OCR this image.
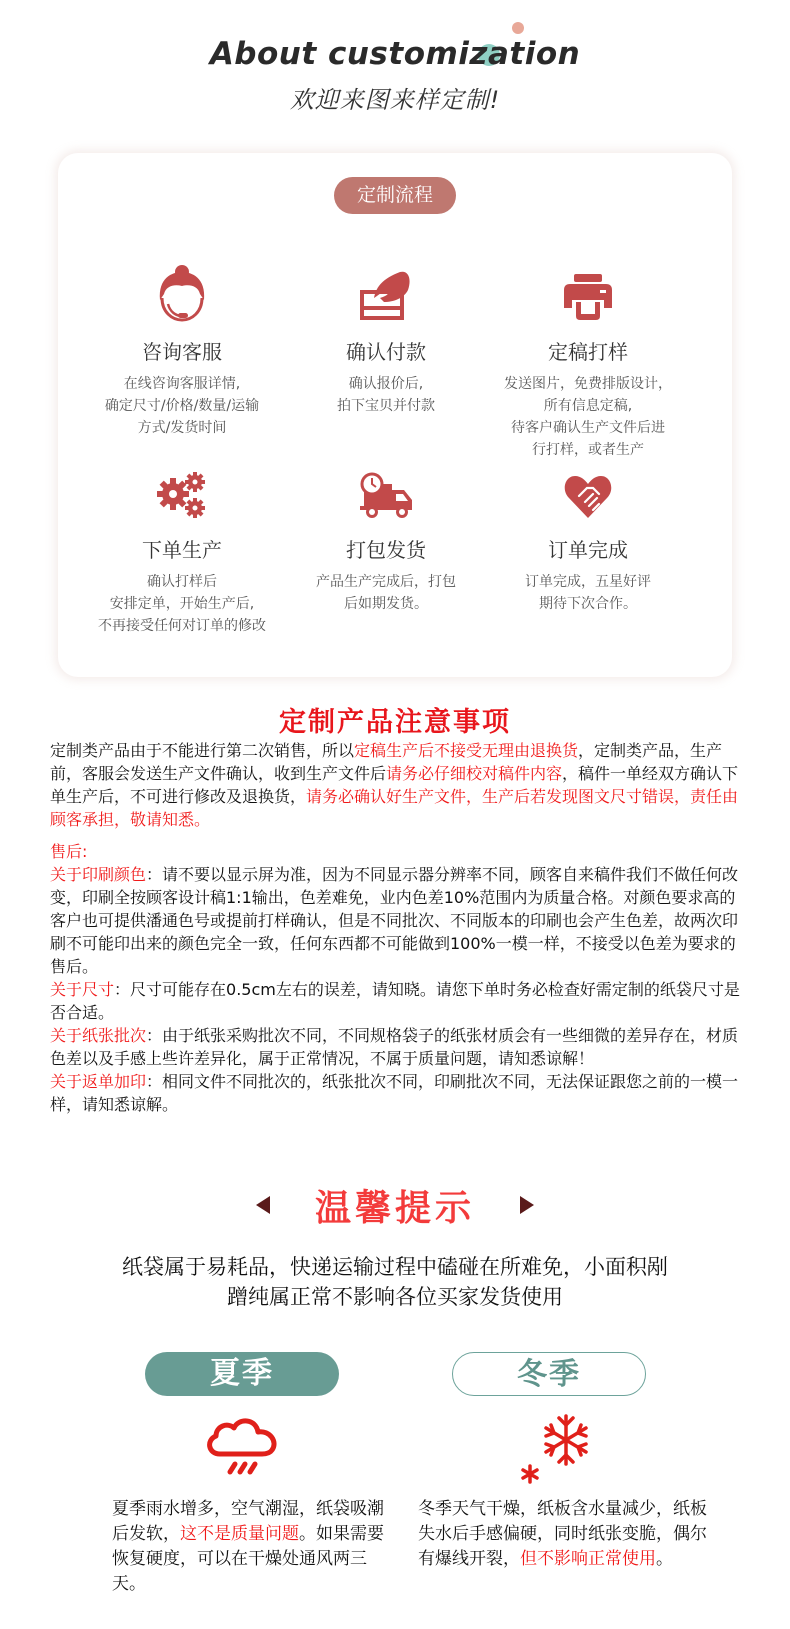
About customization
欢迎来图来样定制!
定制流程
咨询客服
在线咨询客服详情,
确定尺寸/价格/数量/运输
方式/发货时间
确认付款
确认报价后,
拍下宝贝并付款
定稿打样
发送图片，免费排版设计，
所有信息定稿,
待客户确认生产文件后进
行打样，或者生产
下单生产
确认打样后
安排定单，开始生产后,
不再接受任何对订单的修改
打包发货
产品生产完成后，打包
后如期发货。
订单完成
订单完成，五星好评
期待下次合作。
定制产品注意事项
定制类产品由于不能进行第二次销售，所以定稿生产后不接受无理由退换货，定制类产品，生产前，客服会发送生产文件确认，收到生产文件后请务必仔细校对稿件内容，稿件一单经双方确认下单生产后，不可进行修改及退换货，请务必确认好生产文件，生产后若发现图文尺寸错误，责任由顾客承担，敬请知悉。
售后:
关于印刷颜色：请不要以显示屏为准，因为不同显示器分辨率不同，顾客自来稿件我们不做任何改变，印刷全按顾客设计稿1:1输出，色差难免，业内色差10%范围内为质量合格。对颜色要求高的客户也可提供潘通色号或提前打样确认，但是不同批次、不同版本的印刷也会产生色差，故两次印刷不可能印出来的颜色完全一致，任何东西都不可能做到100%一模一样，不接受以色差为要求的售后。
关于尺寸：尺寸可能存在0.5cm左右的误差，请知晓。请您下单时务必检查好需定制的纸袋尺寸是否合适。
关于纸张批次：由于纸张采购批次不同，不同规格袋子的纸张材质会有一些细微的差异存在，材质色差以及手感上些许差异化，属于正常情况，不属于质量问题，请知悉谅解！
关于返单加印：相同文件不同批次的，纸张批次不同，印刷批次不同，无法保证跟您之前的一模一样，请知悉谅解。
温馨提示
纸袋属于易耗品，快递运输过程中磕碰在所难免，小面积剐
蹭纯属正常不影响各位买家发货使用
夏季	冬季
夏季雨水增多，空气潮湿，纸袋吸潮后发软，这不是质量问题。如果需要恢复硬度，可以在干燥处通风两三天。
冬季天气干燥，纸板含水量减少，纸板失水后手感偏硬，同时纸张变脆，偶尔有爆线开裂，但不影响正常使用。
